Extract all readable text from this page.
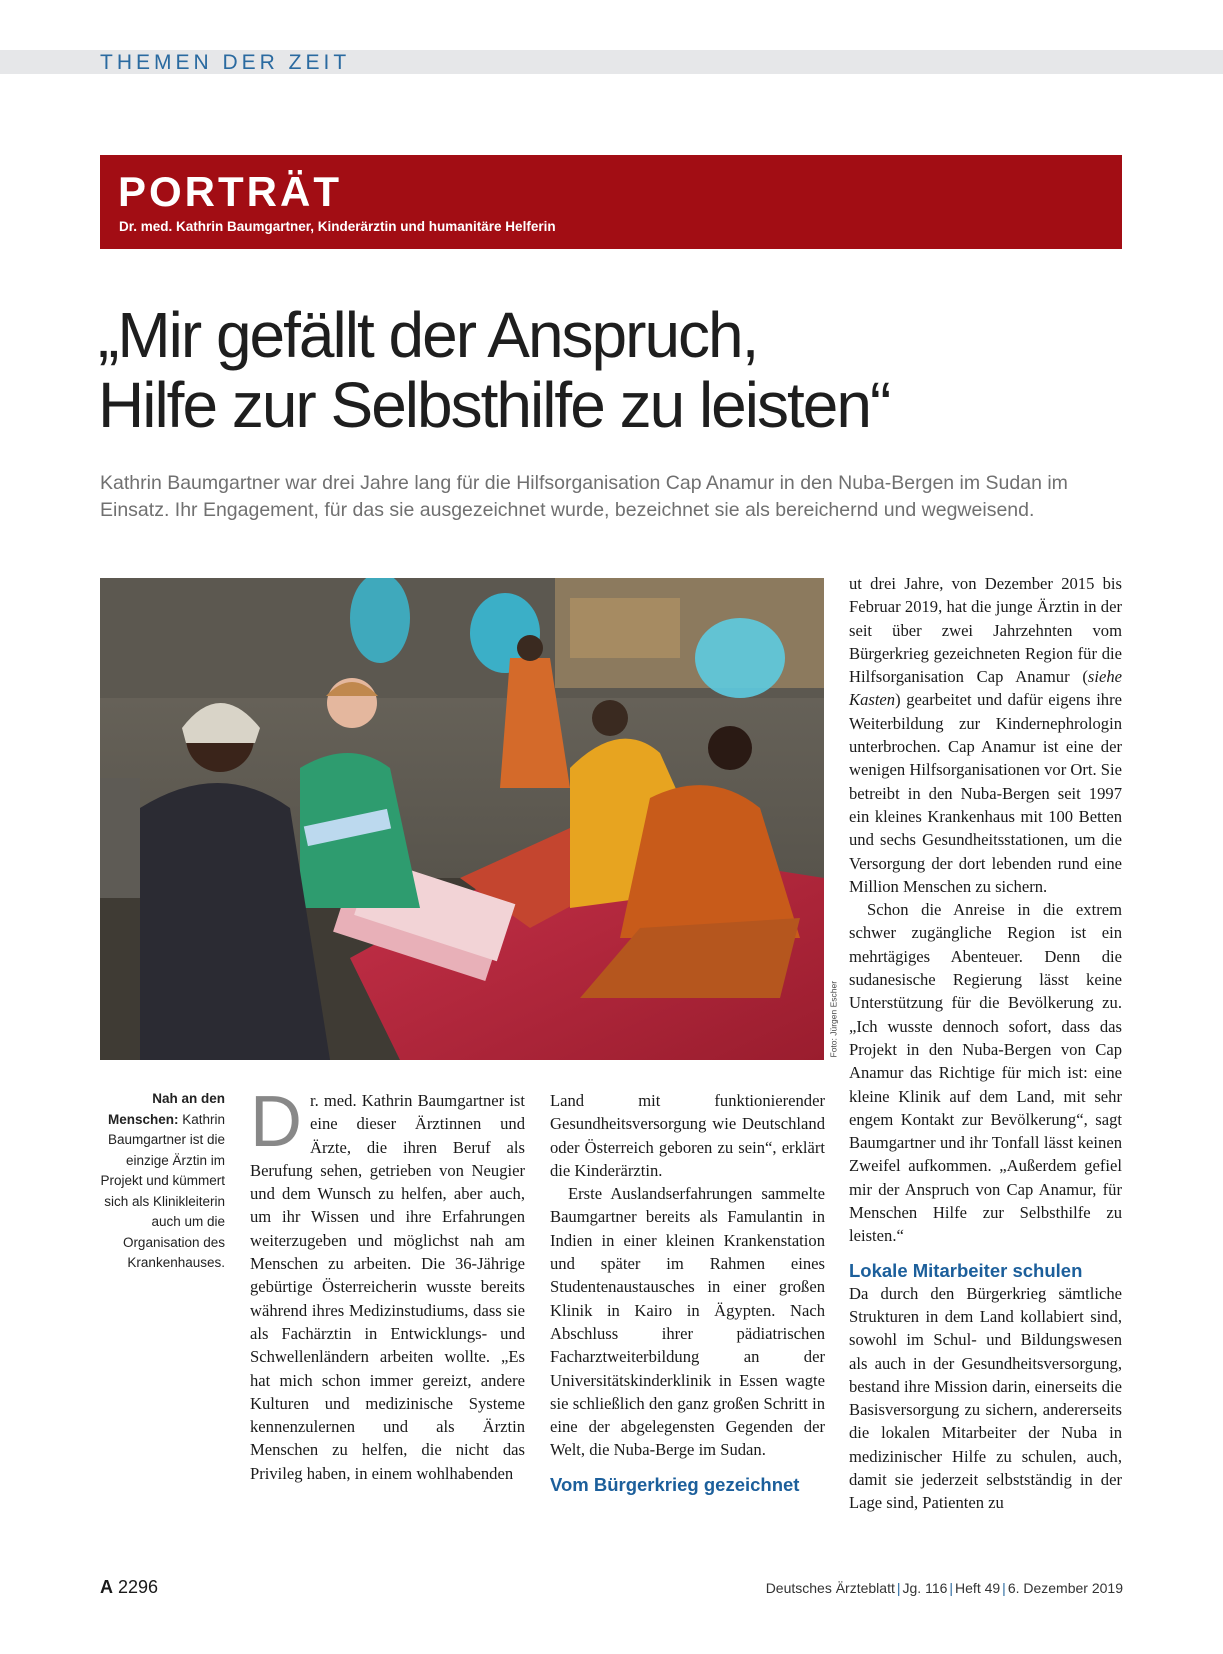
THEMEN DER ZEIT
PORTRÄT
Dr. med. Kathrin Baumgartner, Kinderärztin und humanitäre Helferin
„Mir gefällt der Anspruch,
Hilfe zur Selbsthilfe zu leisten“
Kathrin Baumgartner war drei Jahre lang für die Hilfsorganisation Cap Anamur in den Nuba-Bergen im Sudan im Einsatz. Ihr Engagement, für das sie ausgezeichnet wurde, bezeichnet sie als bereichernd und wegweisend.
Foto: Jürgen Escher
Nah an den Menschen: Kathrin Baumgartner ist die einzige Ärztin im Projekt und kümmert sich als Klinikleiterin auch um die Organisation des Krankenhauses.

Dr. med. Kathrin Baumgartner ist eine dieser Ärztinnen und Ärzte, die ihren Beruf als Berufung sehen, getrieben von Neugier und dem Wunsch zu helfen, aber auch, um ihr Wissen und ihre Erfahrungen weiterzugeben und möglichst nah am Menschen zu arbeiten. Die 36-Jährige gebürtige Österreicherin wusste bereits während ihres Medizinstudiums, dass sie als Fachärztin in Entwicklungs- und Schwellenländern arbeiten wollte. „Es hat mich schon immer gereizt, andere Kulturen und medizinische Systeme kennenzulernen und als Ärztin Menschen zu helfen, die nicht das Privileg haben, in einem wohlhabenden

Land mit funktionierender Gesundheitsversorgung wie Deutschland oder Österreich geboren zu sein“, erklärt die Kinderärztin.

Erste Auslandserfahrungen sammelte Baumgartner bereits als Famulantin in Indien in einer kleinen Krankenstation und später im Rahmen eines Studentenaustausches in einer großen Klinik in Kairo in Ägypten. Nach Abschluss ihrer pädiatrischen Facharztweiterbildung an der Universitätskinderklinik in Essen wagte sie schließlich den ganz großen Schritt in eine der abgelegensten Gegenden der Welt, die Nuba-Berge im Sudan.

Vom Bürgerkrieg gezeichnet

ut drei Jahre, von Dezember 2015 bis Februar 2019, hat die junge Ärztin in der seit über zwei Jahrzehnten vom Bürgerkrieg gezeichneten Region für die Hilfsorganisation Cap Anamur (siehe Kasten) gearbeitet und dafür eigens ihre Weiterbildung zur Kindernephrologin unterbrochen. Cap Anamur ist eine der wenigen Hilfsorganisationen vor Ort. Sie betreibt in den Nuba-Bergen seit 1997 ein kleines Krankenhaus mit 100 Betten und sechs Gesundheitsstationen, um die Versorgung der dort lebenden rund eine Million Menschen zu sichern.

Schon die Anreise in die extrem schwer zugängliche Region ist ein mehrtägiges Abenteuer. Denn die sudanesische Regierung lässt keine Unterstützung für die Bevölkerung zu. „Ich wusste dennoch sofort, dass das Projekt in den Nuba-Bergen von Cap Anamur das Richtige für mich ist: eine kleine Klinik auf dem Land, mit sehr engem Kontakt zur Bevölkerung“, sagt Baumgartner und ihr Tonfall lässt keinen Zweifel aufkommen. „Außerdem gefiel mir der Anspruch von Cap Anamur, für Menschen Hilfe zur Selbsthilfe zu leisten.“

Lokale Mitarbeiter schulen

Da durch den Bürgerkrieg sämtliche Strukturen in dem Land kollabiert sind, sowohl im Schul- und Bildungswesen als auch in der Gesundheitsversorgung, bestand ihre Mission darin, einerseits die Basisversorgung zu sichern, andererseits die lokalen Mitarbeiter der Nuba in medizinischer Hilfe zu schulen, auch, damit sie jederzeit selbstständig in der Lage sind, Patienten zu

A 2296	Deutsches Ärzteblatt | Jg. 116 | Heft 49 | 6. Dezember 2019
